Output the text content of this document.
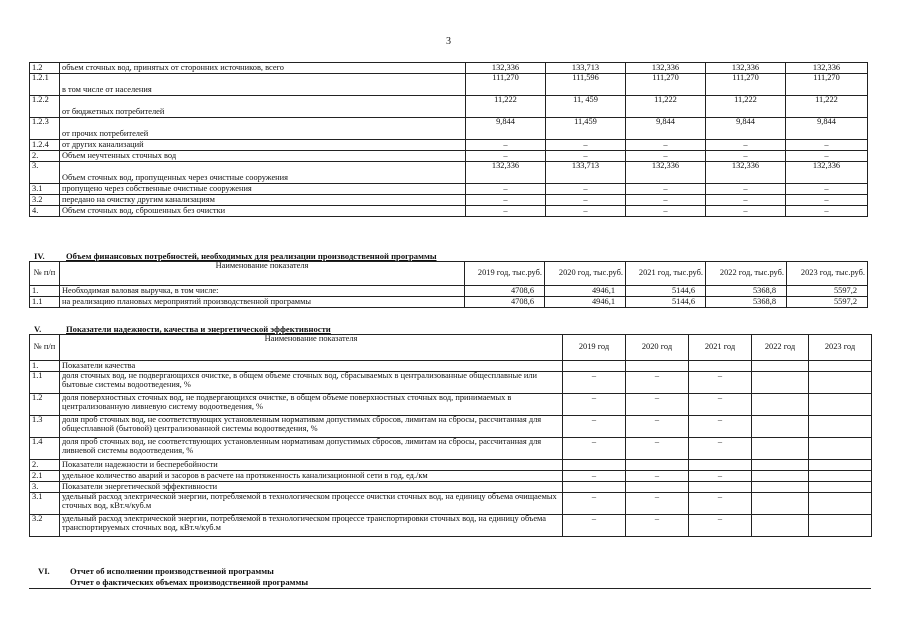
3
1.2	объем сточных вод, принятых от сторонних источников, всего	132,336	133,713	132,336	132,336	132,336
1.2.1	в том числе от населения	111,270	111,596	111,270	111,270	111,270
1.2.2	от бюджетных потребителей	11,222	11, 459	11,222	11,222	11,222
1.2.3	от прочих потребителей	9,844	11,459	9,844	9,844	9,844
1.2.4	от других канализаций	–	–	–	–	–
2.	Объем неучтенных сточных вод	–	–	–	–	–
3.	Объем сточных вод, пропущенных через очистные сооружения	132,336	133,713	132,336	132,336	132,336
3.1	пропущено через собственные очистные сооружения	–	–	–	–	–
3.2	передано на очистку другим канализациям	–	–	–	–	–
4.	Объем сточных вод, сброшенных без очистки	–	–	–	–	–
IV. Объем финансовых потребностей, необходимых для реализации производственной программы
№ п/п	Наименование показателя	2019 год, тыс.руб.	2020 год, тыс.руб.	2021 год, тыс.руб.	2022 год, тыс.руб.	2023 год, тыс.руб.
1.	Необходимая валовая выручка, в том числе:	4708,6	4946,1	5144,6	5368,8	5597,2
1.1	на реализацию плановых мероприятий производственной программы	4708,6	4946,1	5144,6	5368,8	5597,2
V.	Показатели надежности, качества и энергетической эффективности
№ п/п	Наименование показателя	2019 год	2020 год	2021 год	2022 год	2023 год
1.	Показатели качества					
1.1	доля сточных вод, не подвергающихся очистке, в общем объеме сточных вод, сбрасываемых в централизованные общесплавные или бытовые системы водоотведения, %	–	–	–		
1.2	доля поверхностных сточных вод, не подвергающихся очистке, в общем объеме поверхностных сточных вод, принимаемых в централизованную ливневую систему водоотведения, %	–	–	–		
1.3	доля проб сточных вод, не соответствующих установленным нормативам допустимых сбросов, лимитам на сбросы, рассчитанная для общесплавной (бытовой) централизованной системы водоотведения, %	–	–	–		
1.4	доля проб сточных вод, не соответствующих установленным нормативам допустимых сбросов, лимитам на сбросы, рассчитанная для ливневой системы водоотведения, %	–	–	–		
2.	Показатели надежности и бесперебойности					
2.1	удельное количество аварий и засоров в расчете на протяженность канализационной сети в год, ед./км	–	–	–		
3.	Показатели энергетической эффективности					
3.1	удельный расход электрической энергии, потребляемой в технологическом процессе очистки сточных вод, на единицу объема очищаемых сточных вод, кВт.ч/куб.м	–	–	–		
3.2	удельный расход электрической энергии, потребляемой в технологическом процессе транспортировки сточных вод, на единицу объема транспортируемых сточных вод, кВт.ч/куб.м	–	–	–		
VI. Отчет об исполнении производственной программы
Отчет о фактических объемах производственной программы
